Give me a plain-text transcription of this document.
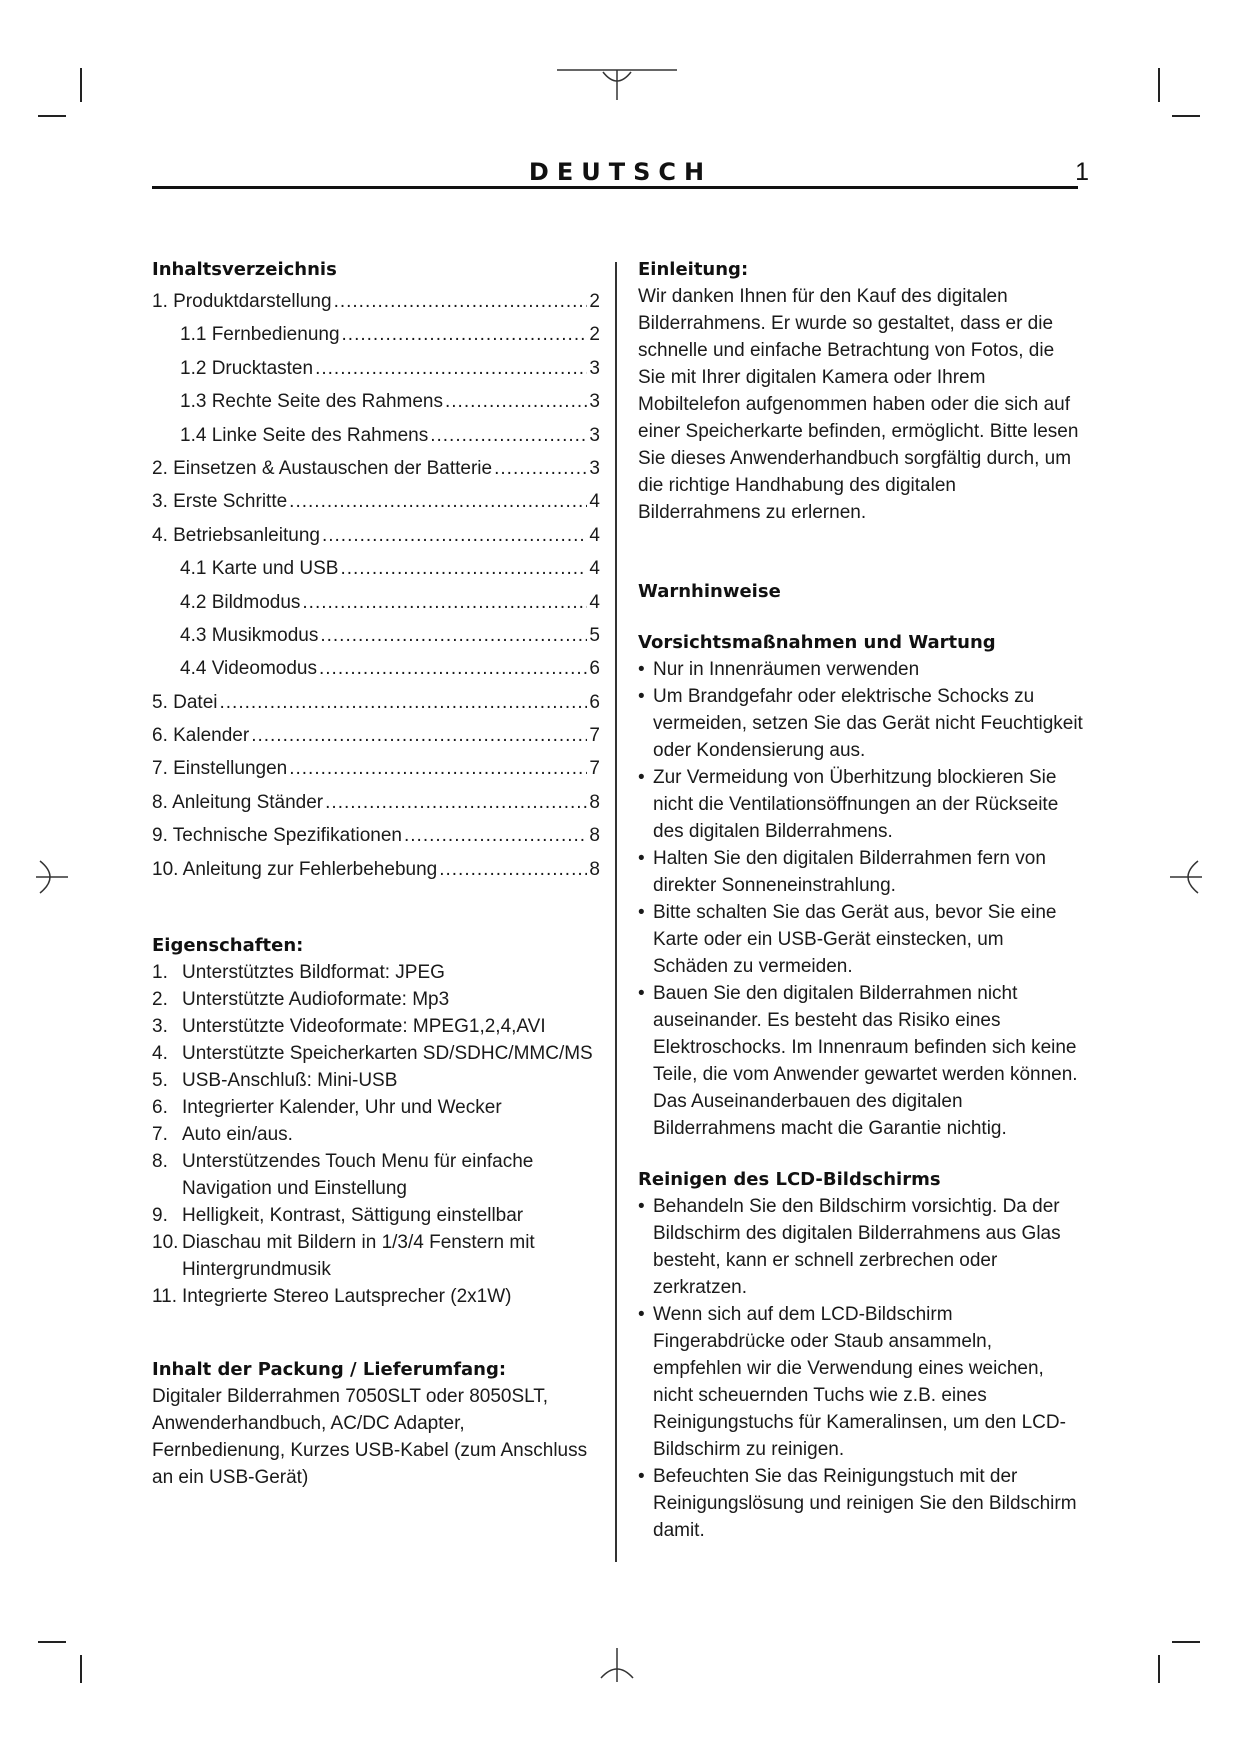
DEUTSCH	1
Inhaltsverzeichnis
1. Produktdarstellung .....	2
1.1 Fernbedienung .....	2
1.2 Drucktasten .....	3
1.3 Rechte Seite des Rahmens .....	3
1.4 Linke Seite des Rahmens .....	3
2. Einsetzen & Austauschen der Batterie .....	3
3. Erste Schritte .....	4
4. Betriebsanleitung .....	4
4.1 Karte und USB .....	4
4.2 Bildmodus .....	4
4.3 Musikmodus .....	5
4.4 Videomodus .....	6
5. Datei .....	6
6. Kalender .....	7
7. Einstellungen .....	7
8. Anleitung Ständer .....	8
9. Technische Spezifikationen .....	8
10. Anleitung zur Fehlerbehebung .....	8
Eigenschaften:
1. Unterstütztes Bildformat: JPEG
2. Unterstützte Audioformate: Mp3
3. Unterstützte Videoformate: MPEG1,2,4,AVI
4. Unterstützte Speicherkarten SD/SDHC/MMC/MS
5. USB-Anschluß: Mini-USB
6. Integrierter Kalender, Uhr und Wecker
7. Auto ein/aus.
8. Unterstützendes Touch Menu für einfache Navigation und Einstellung
9. Helligkeit, Kontrast, Sättigung einstellbar
10. Diaschau mit Bildern in 1/3/4 Fenstern mit Hintergrundmusik
11. Integrierte Stereo Lautsprecher (2x1W)
Inhalt der Packung / Lieferumfang:
Digitaler Bilderrahmen 7050SLT oder 8050SLT, Anwenderhandbuch, AC/DC Adapter, Fernbedienung, Kurzes USB-Kabel (zum Anschluss an ein USB-Gerät)
Einleitung:
Wir danken Ihnen für den Kauf des digitalen Bilderrahmens. Er wurde so gestaltet, dass er die schnelle und einfache Betrachtung von Fotos, die Sie mit Ihrer digitalen Kamera oder Ihrem Mobiltelefon aufgenommen haben oder die sich auf einer Speicherkarte befinden, ermöglicht. Bitte lesen Sie dieses Anwenderhandbuch sorgfältig durch, um die richtige Handhabung des digitalen Bilderrahmens zu erlernen.
Warnhinweise
Vorsichtsmaßnahmen und Wartung
• Nur in Innenräumen verwenden
• Um Brandgefahr oder elektrische Schocks zu vermeiden, setzen Sie das Gerät nicht Feuchtigkeit oder Kondensierung aus.
• Zur Vermeidung von Überhitzung blockieren Sie nicht die Ventilationsöffnungen an der Rückseite des digitalen Bilderrahmens.
• Halten Sie den digitalen Bilderrahmen fern von direkter Sonneneinstrahlung.
• Bitte schalten Sie das Gerät aus, bevor Sie eine Karte oder ein USB-Gerät einstecken, um Schäden zu vermeiden.
• Bauen Sie den digitalen Bilderrahmen nicht auseinander. Es besteht das Risiko eines Elektroschocks. Im Innenraum befinden sich keine Teile, die vom Anwender gewartet werden können. Das Auseinanderbauen des digitalen Bilderrahmens macht die Garantie nichtig.
Reinigen des LCD-Bildschirms
• Behandeln Sie den Bildschirm vorsichtig. Da der Bildschirm des digitalen Bilderrahmens aus Glas besteht, kann er schnell zerbrechen oder zerkratzen.
• Wenn sich auf dem LCD-Bildschirm Fingerabdrücke oder Staub ansammeln, empfehlen wir die Verwendung eines weichen, nicht scheuernden Tuchs wie z.B. eines Reinigungstuchs für Kameralinsen, um den LCD-Bildschirm zu reinigen.
• Befeuchten Sie das Reinigungstuch mit der Reinigungslösung und reinigen Sie den Bildschirm damit.
